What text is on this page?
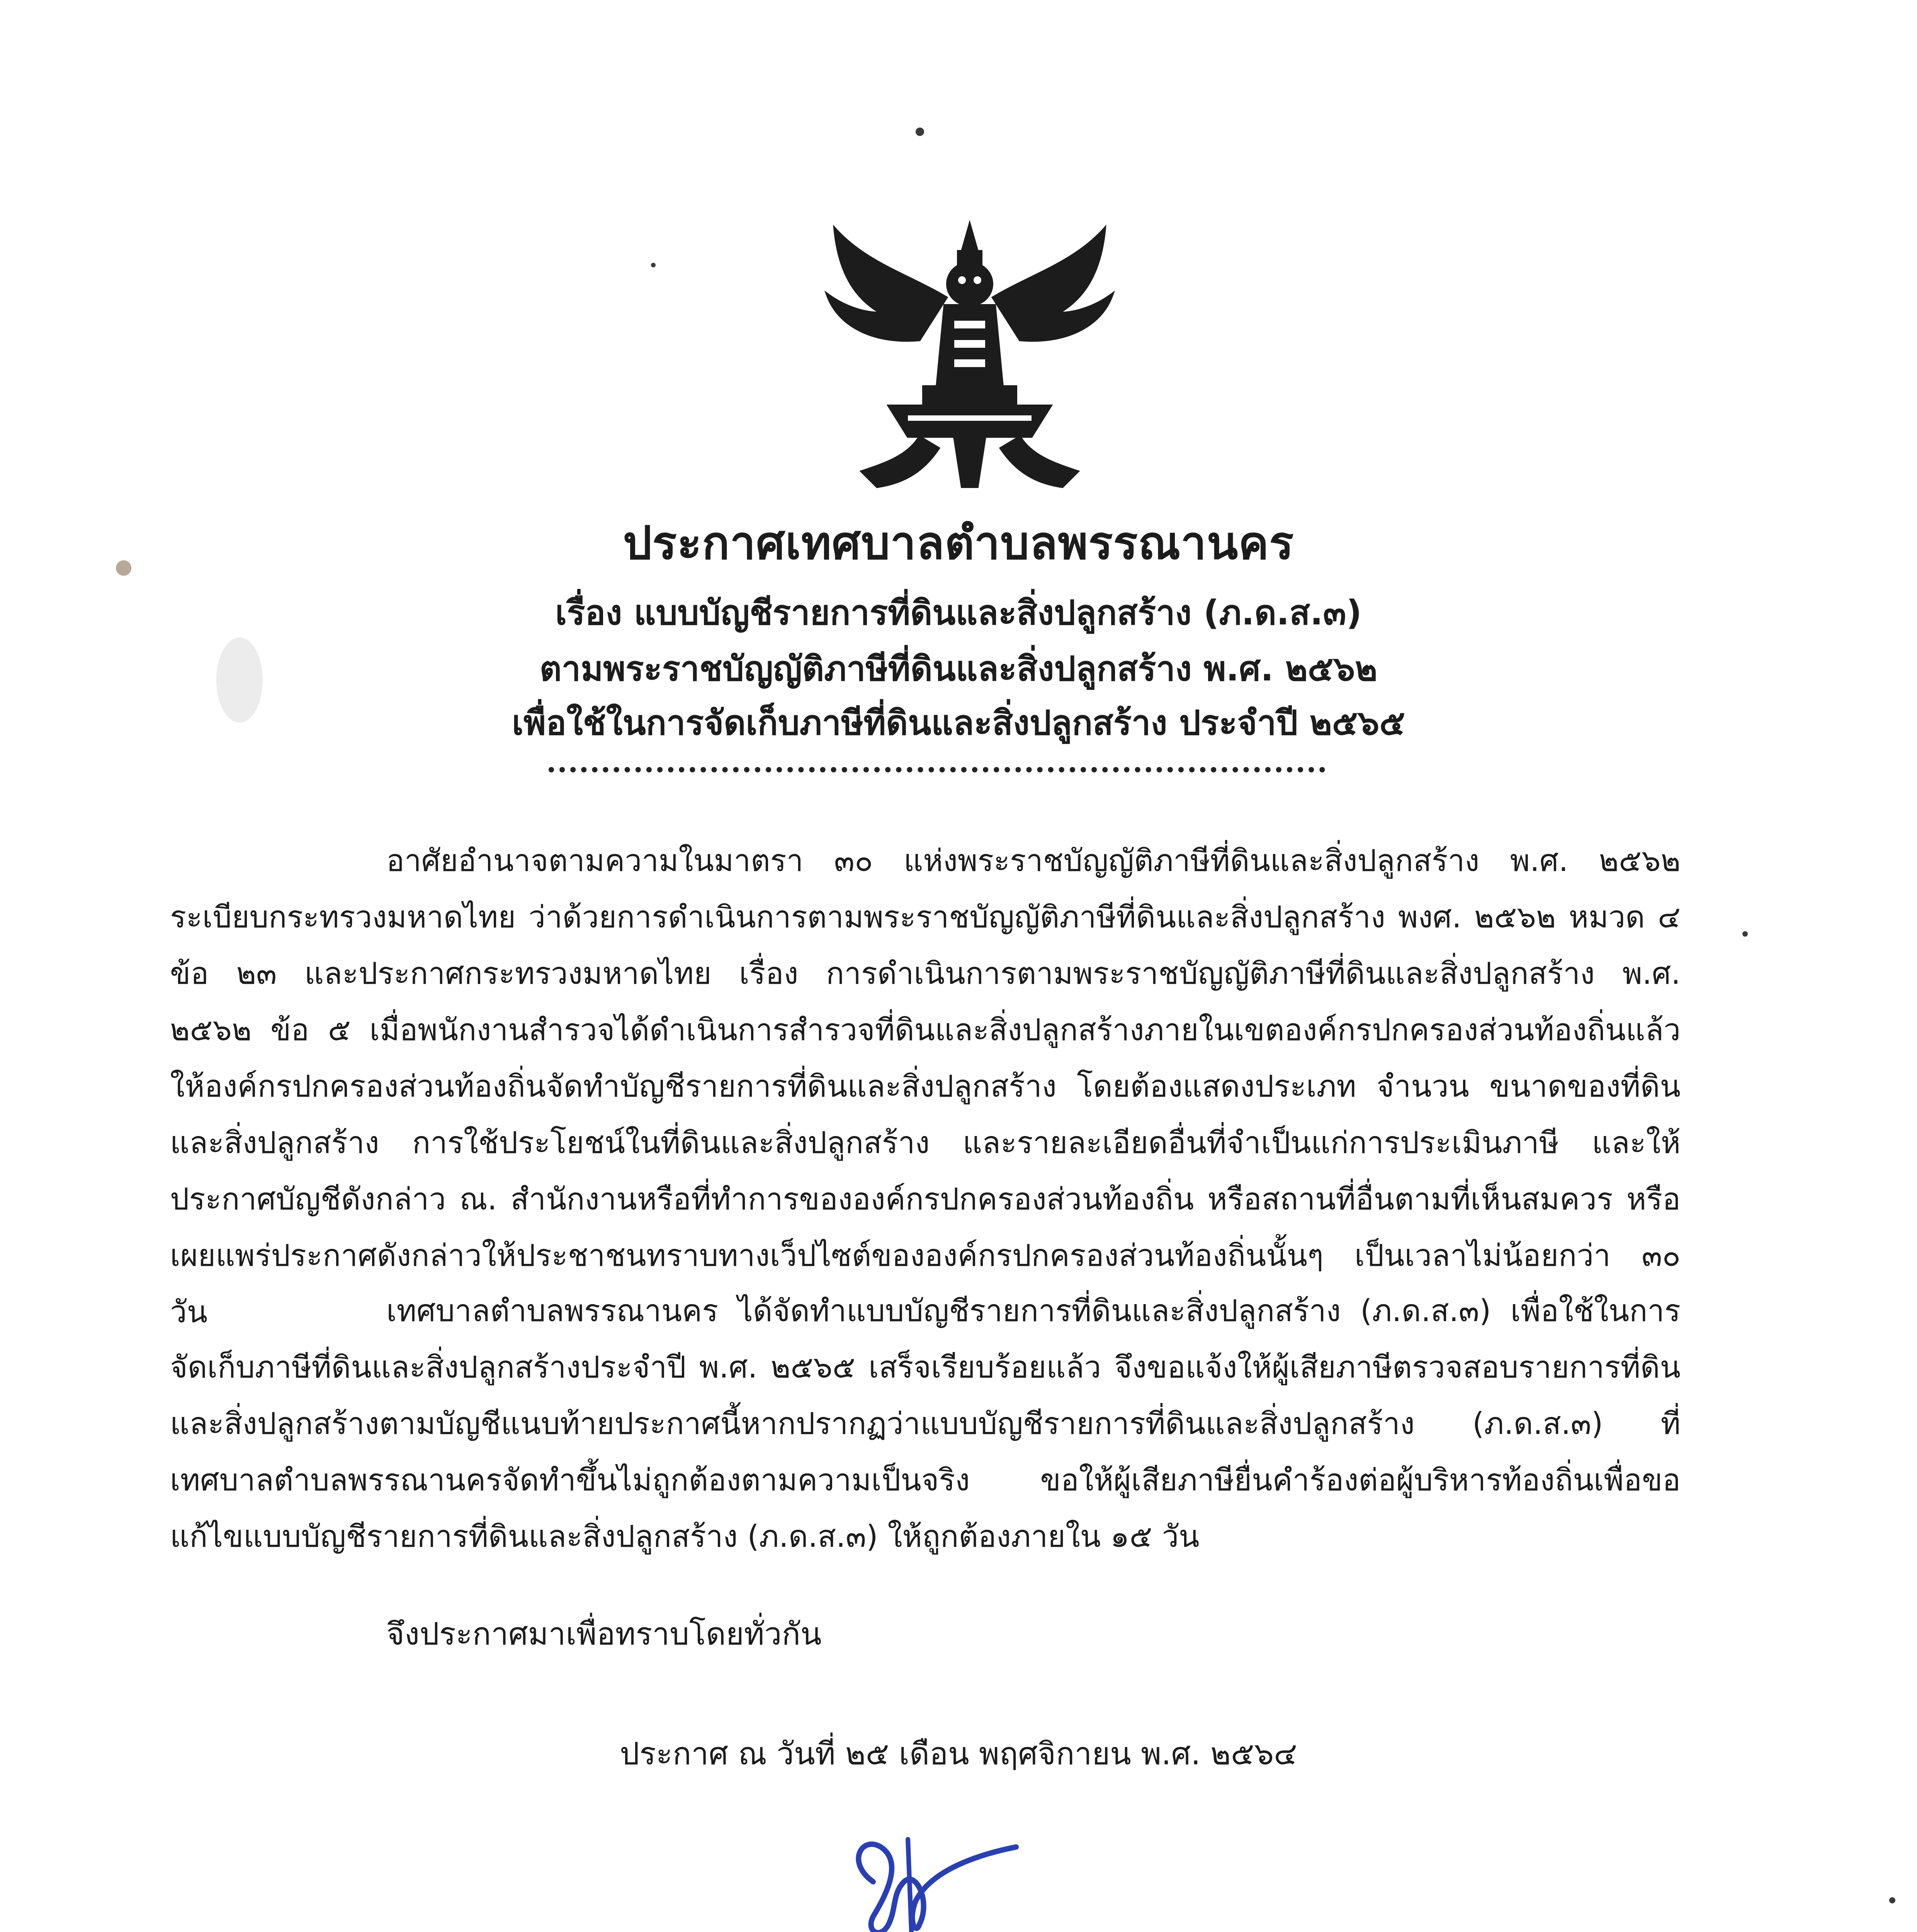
ประกาศเทศบาลตำบลพรรณานคร
เรื่อง แบบบัญชีรายการที่ดินและสิ่งปลูกสร้าง (ภ.ด.ส.๓)
ตามพระราชบัญญัติภาษีที่ดินและสิ่งปลูกสร้าง พ.ศ. ๒๕๖๒
เพื่อใช้ในการจัดเก็บภาษีที่ดินและสิ่งปลูกสร้าง ประจำปี ๒๕๖๕

อาศัยอำนาจตามความในมาตรา ๓๐ แห่งพระราชบัญญัติภาษีที่ดินและสิ่งปลูกสร้าง พ.ศ. ๒๕๖๒ ระเบียบกระทรวงมหาดไทย ว่าด้วยการดำเนินการตามพระราชบัญญัติภาษีที่ดินและสิ่งปลูกสร้าง พงศ. ๒๕๖๒ หมวด ๔ ข้อ ๒๓ และประกาศกระทรวงมหาดไทย เรื่อง การดำเนินการตามพระราชบัญญัติภาษีที่ดินและสิ่งปลูกสร้าง พ.ศ. ๒๕๖๒ ข้อ ๕ เมื่อพนักงานสำรวจได้ดำเนินการสำรวจที่ดินและสิ่งปลูกสร้างภายในเขตองค์กรปกครองส่วนท้องถิ่นแล้ว ให้องค์กรปกครองส่วนท้องถิ่นจัดทำบัญชีรายการที่ดินและสิ่งปลูกสร้าง โดยต้องแสดงประเภท จำนวน ขนาดของที่ดินและสิ่งปลูกสร้าง การใช้ประโยชน์ในที่ดินและสิ่งปลูกสร้าง และรายละเอียดอื่นที่จำเป็นแก่การประเมินภาษี และให้ประกาศบัญชีดังกล่าว ณ. สำนักงานหรือที่ทำการขององค์กรปกครองส่วนท้องถิ่น หรือสถานที่อื่นตามที่เห็นสมควร หรือเผยแพร่ประกาศดังกล่าวให้ประชาชนทราบทางเว็ปไซต์ขององค์กรปกครองส่วนท้องถิ่นนั้นๆ เป็นเวลาไม่น้อยกว่า ๓๐ วัน	เทศบาลตำบลพรรณานคร ได้จัดทำแบบบัญชีรายการที่ดินและสิ่งปลูกสร้าง (ภ.ด.ส.๓) เพื่อใช้ในการจัดเก็บภาษีที่ดินและสิ่งปลูกสร้างประจำปี พ.ศ. ๒๕๖๕ เสร็จเรียบร้อยแล้ว จึงขอแจ้งให้ผู้เสียภาษีตรวจสอบรายการที่ดินและสิ่งปลูกสร้างตามบัญชีแนบท้ายประกาศนี้หากปรากฏว่าแบบบัญชีรายการที่ดินและสิ่งปลูกสร้าง (ภ.ด.ส.๓) ที่เทศบาลตำบลพรรณานครจัดทำขึ้นไม่ถูกต้องตามความเป็นจริง ขอให้ผู้เสียภาษียื่นคำร้องต่อผู้บริหารท้องถิ่นเพื่อขอแก้ไขแบบบัญชีรายการที่ดินและสิ่งปลูกสร้าง (ภ.ด.ส.๓) ให้ถูกต้องภายใน ๑๕ วัน

จึงประกาศมาเพื่อทราบโดยทั่วกัน
ประกาศ ณ วันที่ ๒๕ เดือน พฤศจิกายน พ.ศ. ๒๕๖๔
